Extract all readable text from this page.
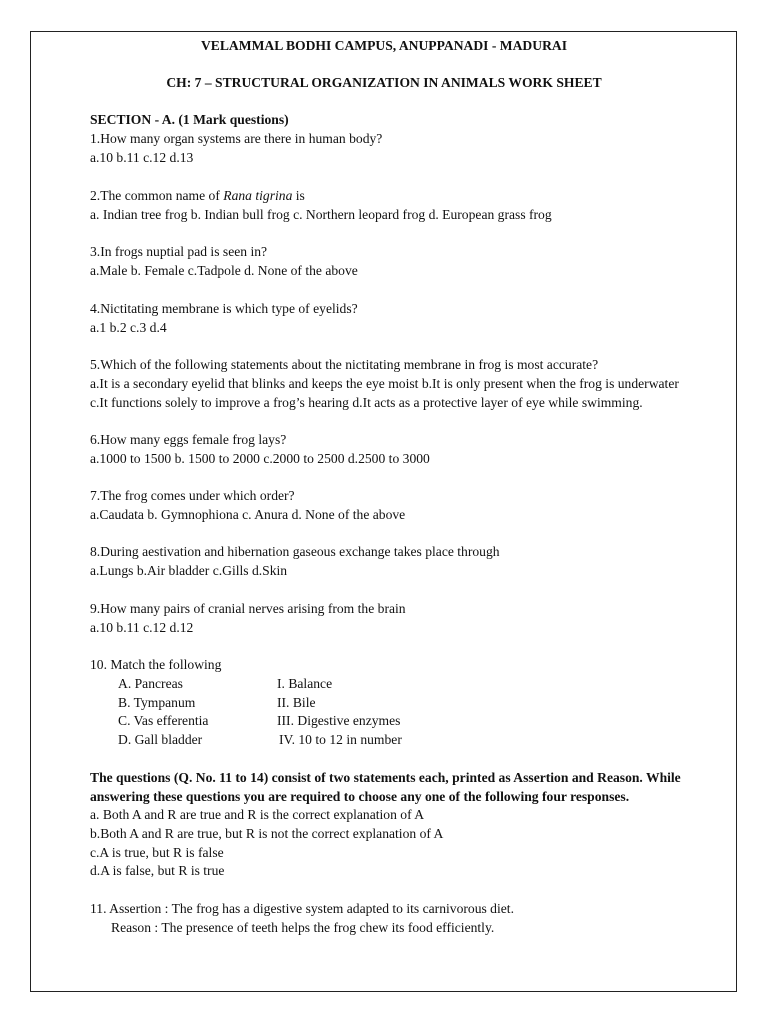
VELAMMAL BODHI CAMPUS, ANUPPANADI - MADURAI
CH: 7 – STRUCTURAL ORGANIZATION IN ANIMALS WORK SHEET
SECTION - A. (1 Mark questions)
1.How many organ systems are there in human body?
a.10 b.11 c.12 d.13
2.The common name of Rana tigrina is
a. Indian tree frog b. Indian bull frog c. Northern leopard frog d. European grass frog
3.In frogs nuptial pad is seen in?
a.Male b. Female c.Tadpole d. None of the above
4.Nictitating membrane is which type of eyelids?
a.1 b.2 c.3 d.4
5.Which of the following statements about the nictitating membrane in frog is most accurate?
a.It is a secondary eyelid that blinks and keeps the eye moist b.It is only present when the frog is underwater
c.It functions solely to improve a frog’s hearing d.It acts as a protective layer of eye while swimming.
6.How many eggs female frog lays?
a.1000 to 1500 b. 1500 to 2000 c.2000 to 2500 d.2500 to 3000
7.The frog comes under which order?
a.Caudata b. Gymnophiona c. Anura d. None of the above
8.During aestivation and hibernation gaseous exchange takes place through
a.Lungs b.Air bladder c.Gills d.Skin
9.How many pairs of cranial nerves arising from the brain
a.10 b.11 c.12 d.12
10. Match the following
A. Pancreas	I. Balance
B. Tympanum	II. Bile
C. Vas efferentia	III. Digestive enzymes
D. Gall bladder	IV. 10 to 12 in number
The questions (Q. No. 11 to 14) consist of two statements each, printed as Assertion and Reason. While
answering these questions you are required to choose any one of the following four responses.
a. Both A and R are true and R is the correct explanation of A
b.Both A and R are true, but R is not the correct explanation of A
c.A is true, but R is false
d.A is false, but R is true
11. Assertion : The frog has a digestive system adapted to its carnivorous diet.
Reason : The presence of teeth helps the frog chew its food efficiently.
